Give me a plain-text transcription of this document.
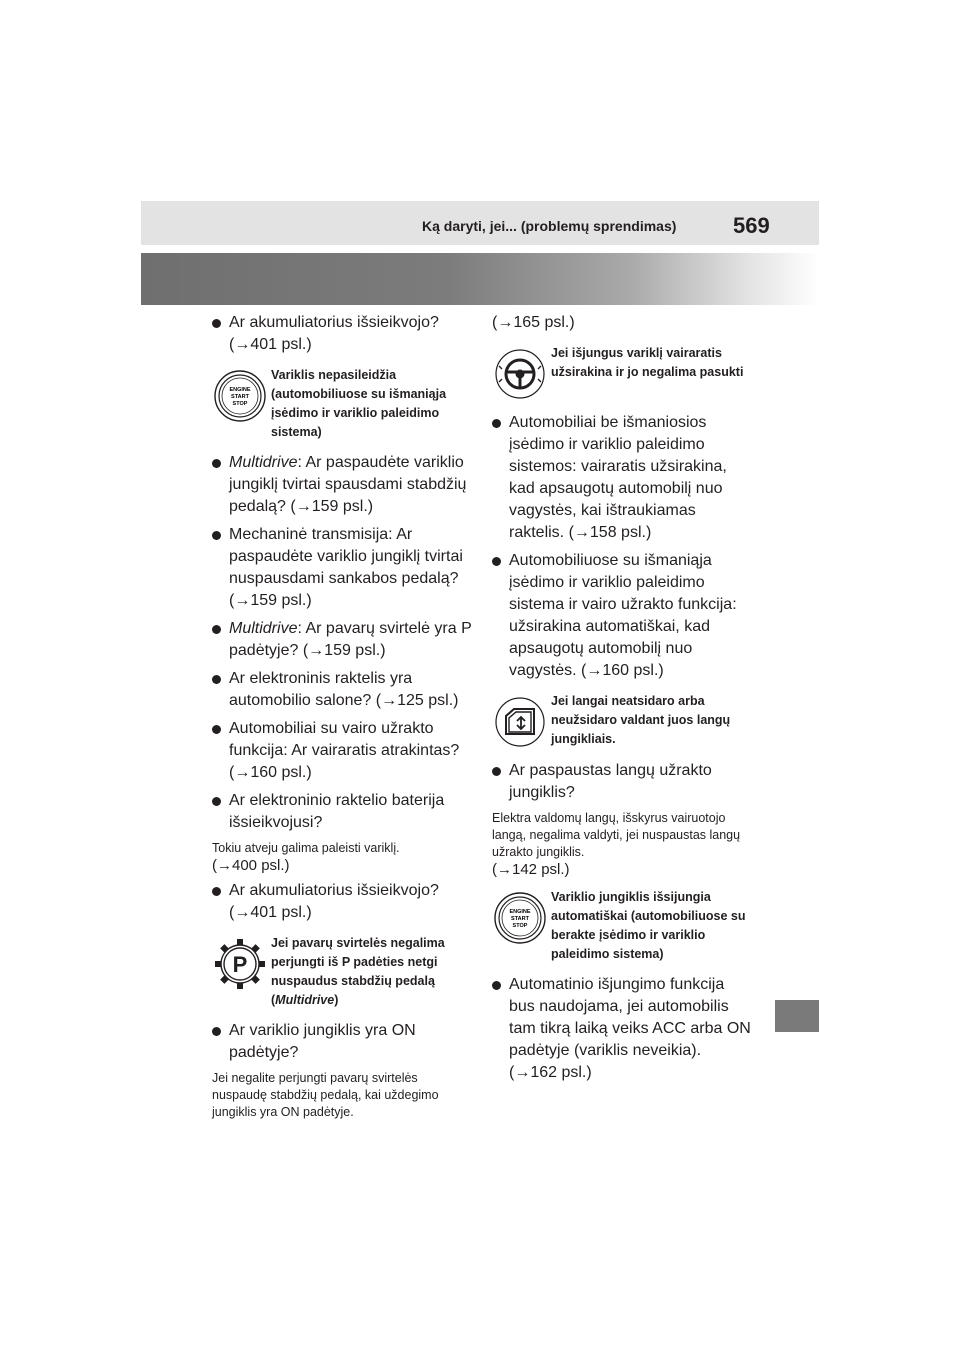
Ką daryti, jei... (problemų sprendimas)	569
Ar akumuliatorius išsieikvojo? (→401 psl.)
ENGINE
START
STOP
Variklis nepasileidžia (automobiliuose su išmaniąja įsėdimo ir variklio paleidimo sistema)
Multidrive: Ar paspaudėte variklio jungiklį tvirtai spausdami stabdžių pedalą? (→159 psl.)
Mechaninė transmisija: Ar paspaudėte variklio jungiklį tvirtai nuspausdami sankabos pedalą? (→159 psl.)
Multidrive: Ar pavarų svirtelė yra P padėtyje? (→159 psl.)
Ar elektroninis raktelis yra automobilio salone? (→125 psl.)
Automobiliai su vairo užrakto funkcija: Ar vairaratis atrakintas? (→160 psl.)
Ar elektroninio raktelio baterija išsieikvojusi?
Tokiu atveju galima paleisti variklį.
(→400 psl.)
Ar akumuliatorius išsieikvojo? (→401 psl.)
P
Jei pavarų svirtelės negalima perjungti iš P padėties netgi nuspaudus stabdžių pedalą (Multidrive)
Ar variklio jungiklis yra ON padėtyje?
Jei negalite perjungti pavarų svirtelės nuspaudę stabdžių pedalą, kai uždegimo jungiklis yra ON padėtyje.
(→165 psl.)
Jei išjungus variklį vairaratis užsirakina ir jo negalima pasukti
Automobiliai be išmaniosios įsėdimo ir variklio paleidimo sistemos: vairaratis užsirakina, kad apsaugotų automobilį nuo vagystės, kai ištraukiamas raktelis. (→158 psl.)
Automobiliuose su išmaniąja įsėdimo ir variklio paleidimo sistema ir vairo užrakto funkcija: užsirakina automatiškai, kad apsaugotų automobilį nuo vagystės. (→160 psl.)
Jei langai neatsidaro arba neužsidaro valdant juos langų jungikliais.
Ar paspaustas langų užrakto jungiklis?
Elektra valdomų langų, išskyrus vairuotojo langą, negalima valdyti, jei nuspaustas langų užrakto jungiklis.
(→142 psl.)
ENGINE
START
STOP
Variklio jungiklis išsijungia automatiškai (automobiliuose su berakte įsėdimo ir variklio paleidimo sistema)
Automatinio išjungimo funkcija bus naudojama, jei automobilis tam tikrą laiką veiks ACC arba ON padėtyje (variklis neveikia). (→162 psl.)
